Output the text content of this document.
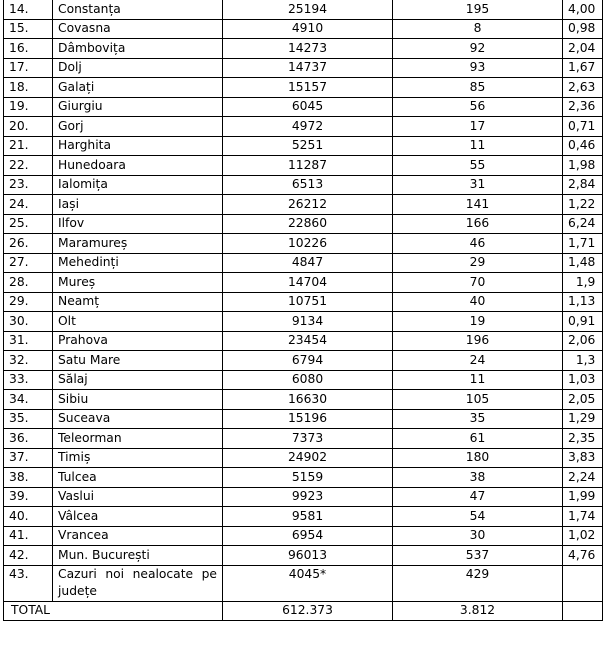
14.	Constanța	25194	195	4,00
15.	Covasna	4910	8	0,98
16.	Dâmbovița	14273	92	2,04
17.	Dolj	14737	93	1,67
18.	Galați	15157	85	2,63
19.	Giurgiu	6045	56	2,36
20.	Gorj	4972	17	0,71
21.	Harghita	5251	11	0,46
22.	Hunedoara	11287	55	1,98
23.	Ialomița	6513	31	2,84
24.	Iași	26212	141	1,22
25.	Ilfov	22860	166	6,24
26.	Maramureș	10226	46	1,71
27.	Mehedinți	4847	29	1,48
28.	Mureș	14704	70	1,9
29.	Neamț	10751	40	1,13
30.	Olt	9134	19	0,91
31.	Prahova	23454	196	2,06
32.	Satu Mare	6794	24	1,3
33.	Sălaj	6080	11	1,03
34.	Sibiu	16630	105	2,05
35.	Suceava	15196	35	1,29
36.	Teleorman	7373	61	2,35
37.	Timiș	24902	180	3,83
38.	Tulcea	5159	38	2,24
39.	Vaslui	9923	47	1,99
40.	Vâlcea	9581	54	1,74
41.	Vrancea	6954	30	1,02
42.	Mun. București	96013	537	4,76
43.	Cazuri noi nealocate pe județe	4045*	429	
TOTAL		612.373	3.812	
